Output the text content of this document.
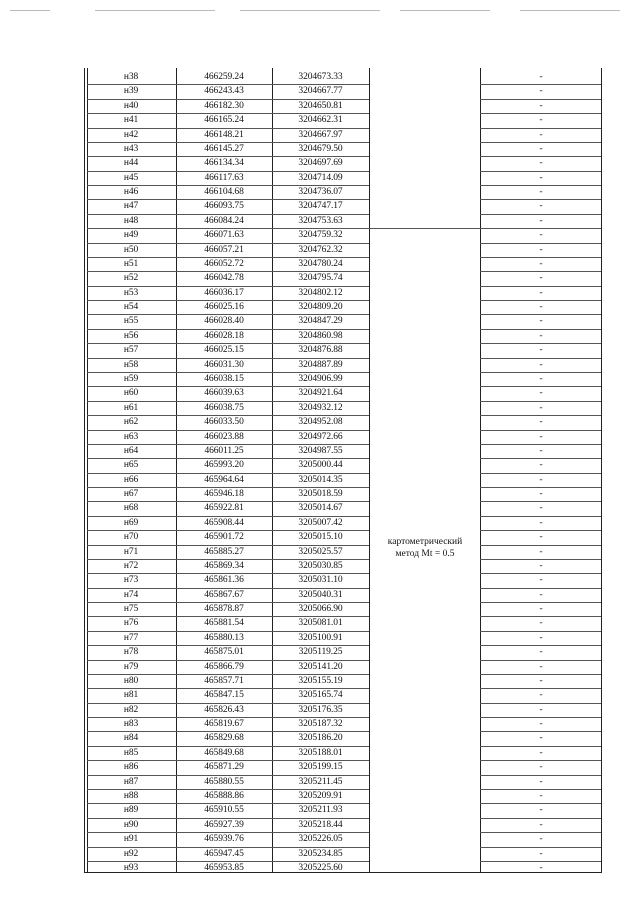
картометрический
метод Mt = 0.5
н38	466259.24	3204673.33	-
н39	466243.43	3204667.77	-
н40	466182.30	3204650.81	-
н41	466165.24	3204662.31	-
н42	466148.21	3204667.97	-
н43	466145.27	3204679.50	-
н44	466134.34	3204697.69	-
н45	466117.63	3204714.09	-
н46	466104.68	3204736.07	-
н47	466093.75	3204747.17	-
н48	466084.24	3204753.63	-
н49	466071.63	3204759.32	-
н50	466057.21	3204762.32	-
н51	466052.72	3204780.24	-
н52	466042.78	3204795.74	-
н53	466036.17	3204802.12	-
н54	466025.16	3204809.20	-
н55	466028.40	3204847.29	-
н56	466028.18	3204860.98	-
н57	466025.15	3204876.88	-
н58	466031.30	3204887.89	-
н59	466038.15	3204906.99	-
н60	466039.63	3204921.64	-
н61	466038.75	3204932.12	-
н62	466033.50	3204952.08	-
н63	466023.88	3204972.66	-
н64	466011.25	3204987.55	-
н65	465993.20	3205000.44	-
н66	465964.64	3205014.35	-
н67	465946.18	3205018.59	-
н68	465922.81	3205014.67	-
н69	465908.44	3205007.42	-
н70	465901.72	3205015.10	-
н71	465885.27	3205025.57	-
н72	465869.34	3205030.85	-
н73	465861.36	3205031.10	-
н74	465867.67	3205040.31	-
н75	465878.87	3205066.90	-
н76	465881.54	3205081.01	-
н77	465880.13	3205100.91	-
н78	465875.01	3205119.25	-
н79	465866.79	3205141.20	-
н80	465857.71	3205155.19	-
н81	465847.15	3205165.74	-
н82	465826.43	3205176.35	-
н83	465819.67	3205187.32	-
н84	465829.68	3205186.20	-
н85	465849.68	3205188.01	-
н86	465871.29	3205199.15	-
н87	465880.55	3205211.45	-
н88	465888.86	3205209.91	-
н89	465910.55	3205211.93	-
н90	465927.39	3205218.44	-
н91	465939.76	3205226.05	-
н92	465947.45	3205234.85	-
н93	465953.85	3205225.60	-
